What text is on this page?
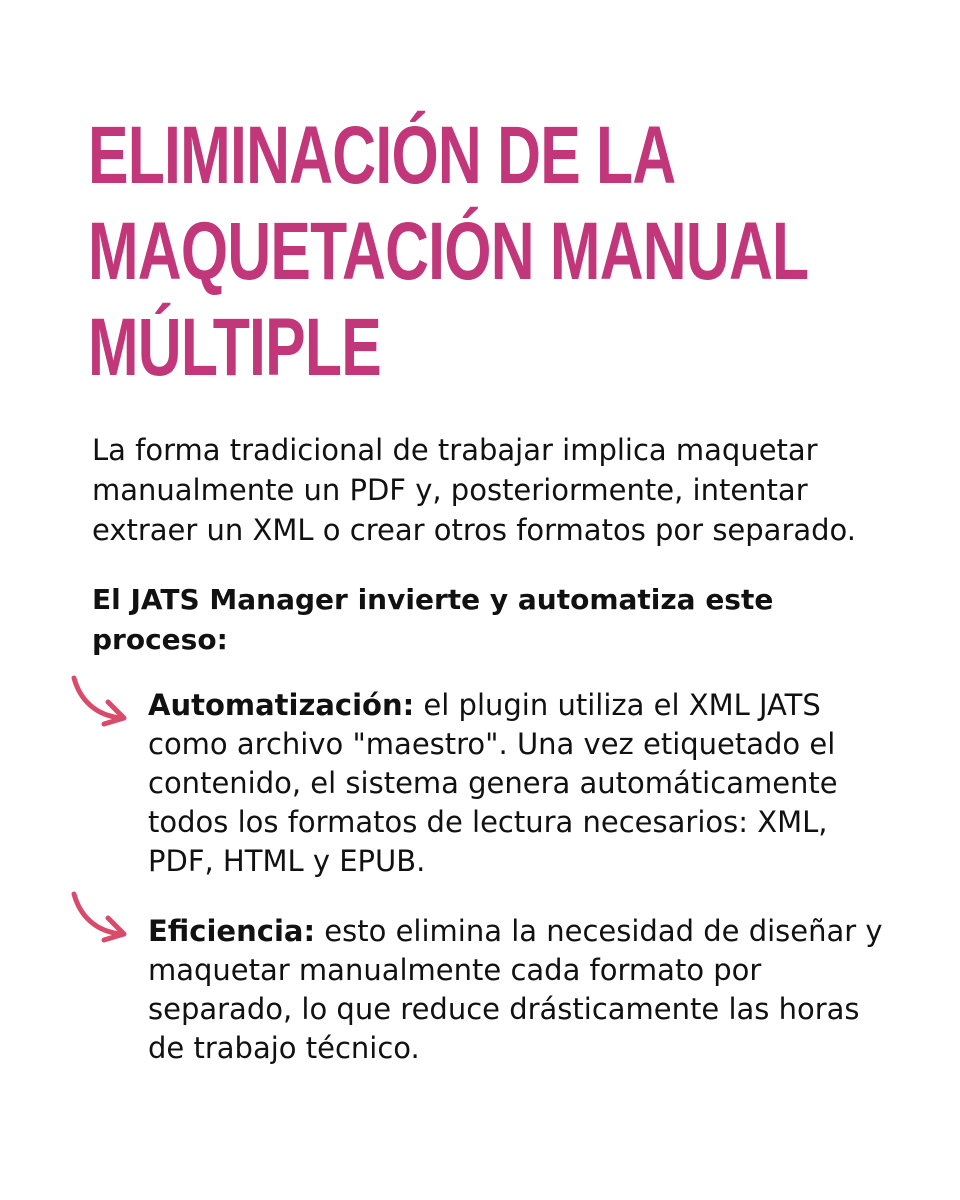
ELIMINACIÓN DE LA
MAQUETACIÓN MANUAL
MÚLTIPLE

La forma tradicional de trabajar implica maquetar manualmente un PDF y, posteriormente, intentar extraer un XML o crear otros formatos por separado.

El JATS Manager invierte y automatiza este proceso:

Automatización: el plugin utiliza el XML JATS como archivo "maestro". Una vez etiquetado el contenido, el sistema genera automáticamente todos los formatos de lectura necesarios: XML, PDF, HTML y EPUB.

Eficiencia: esto elimina la necesidad de diseñar y maquetar manualmente cada formato por separado, lo que reduce drásticamente las horas de trabajo técnico.
